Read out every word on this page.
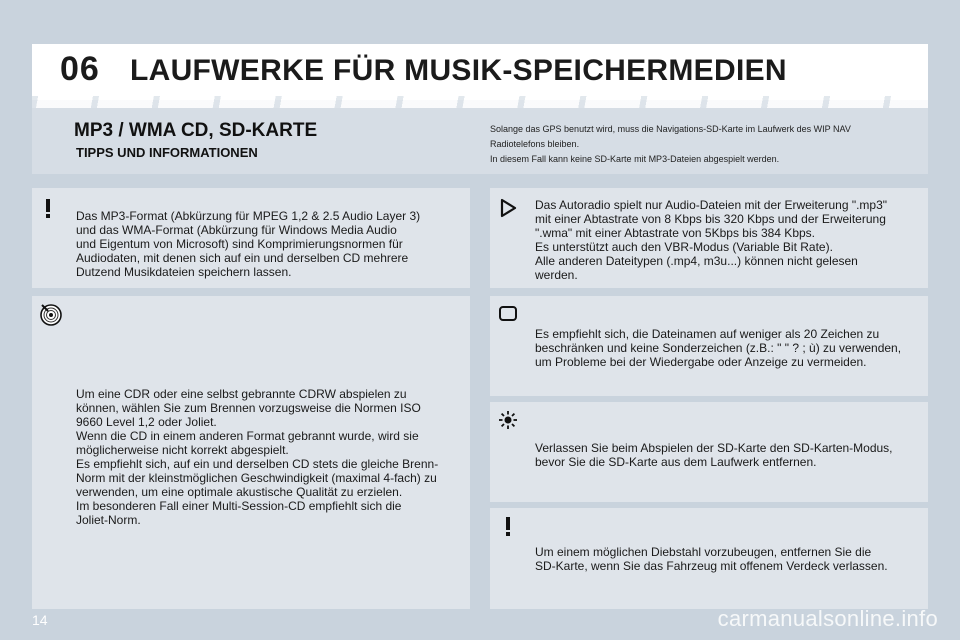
06 LAUFWERKE FÜR MUSIK-SPEICHERMEDIEN
MP3 / WMA CD, SD-KARTE
TIPPS UND INFORMATIONEN
Solange das GPS benutzt wird, muss die Navigations-SD-Karte im Laufwerk des WIP NAV
Radiotelefons bleiben.
In diesem Fall kann keine SD-Karte mit MP3-Dateien abgespielt werden.

Das MP3-Format (Abkürzung für MPEG 1,2 & 2.5 Audio Layer 3)

und das WMA-Format (Abkürzung für Windows Media Audio

und Eigentum von Microsoft) sind Komprimierungsnormen für

Audiodaten, mit denen sich auf ein und derselben CD mehrere

Dutzend Musikdateien speichern lassen.

Das Autoradio spielt nur Audio-Dateien mit der Erweiterung ".mp3"

mit einer Abtastrate von 8 Kbps bis 320 Kbps und der Erweiterung

".wma" mit einer Abtastrate von 5Kbps bis 384 Kbps.

Es unterstützt auch den VBR-Modus (Variable Bit Rate).

Alle anderen Dateitypen (.mp4, m3u...) können nicht gelesen

werden.

Um eine CDR oder eine selbst gebrannte CDRW abspielen zu

können, wählen Sie zum Brennen vorzugsweise die Normen ISO

9660 Level 1,2 oder Joliet.

Wenn die CD in einem anderen Format gebrannt wurde, wird sie

möglicherweise nicht korrekt abgespielt.

Es empfiehlt sich, auf ein und derselben CD stets die gleiche Brenn-

Norm mit der kleinstmöglichen Geschwindigkeit (maximal 4-fach) zu

verwenden, um eine optimale akustische Qualität zu erzielen.

Im besonderen Fall einer Multi-Session-CD empfiehlt sich die

Joliet-Norm.

Es empfiehlt sich, die Dateinamen auf weniger als 20 Zeichen zu

beschränken und keine Sonderzeichen (z.B.: " " ? ; ù) zu verwenden,

um Probleme bei der Wiedergabe oder Anzeige zu vermeiden.

Verlassen Sie beim Abspielen der SD-Karte den SD-Karten-Modus,

bevor Sie die SD-Karte aus dem Laufwerk entfernen.

Um einem möglichen Diebstahl vorzubeugen, entfernen Sie die

SD-Karte, wenn Sie das Fahrzeug mit offenem Verdeck verlassen.

14	carmanualsonline.info
